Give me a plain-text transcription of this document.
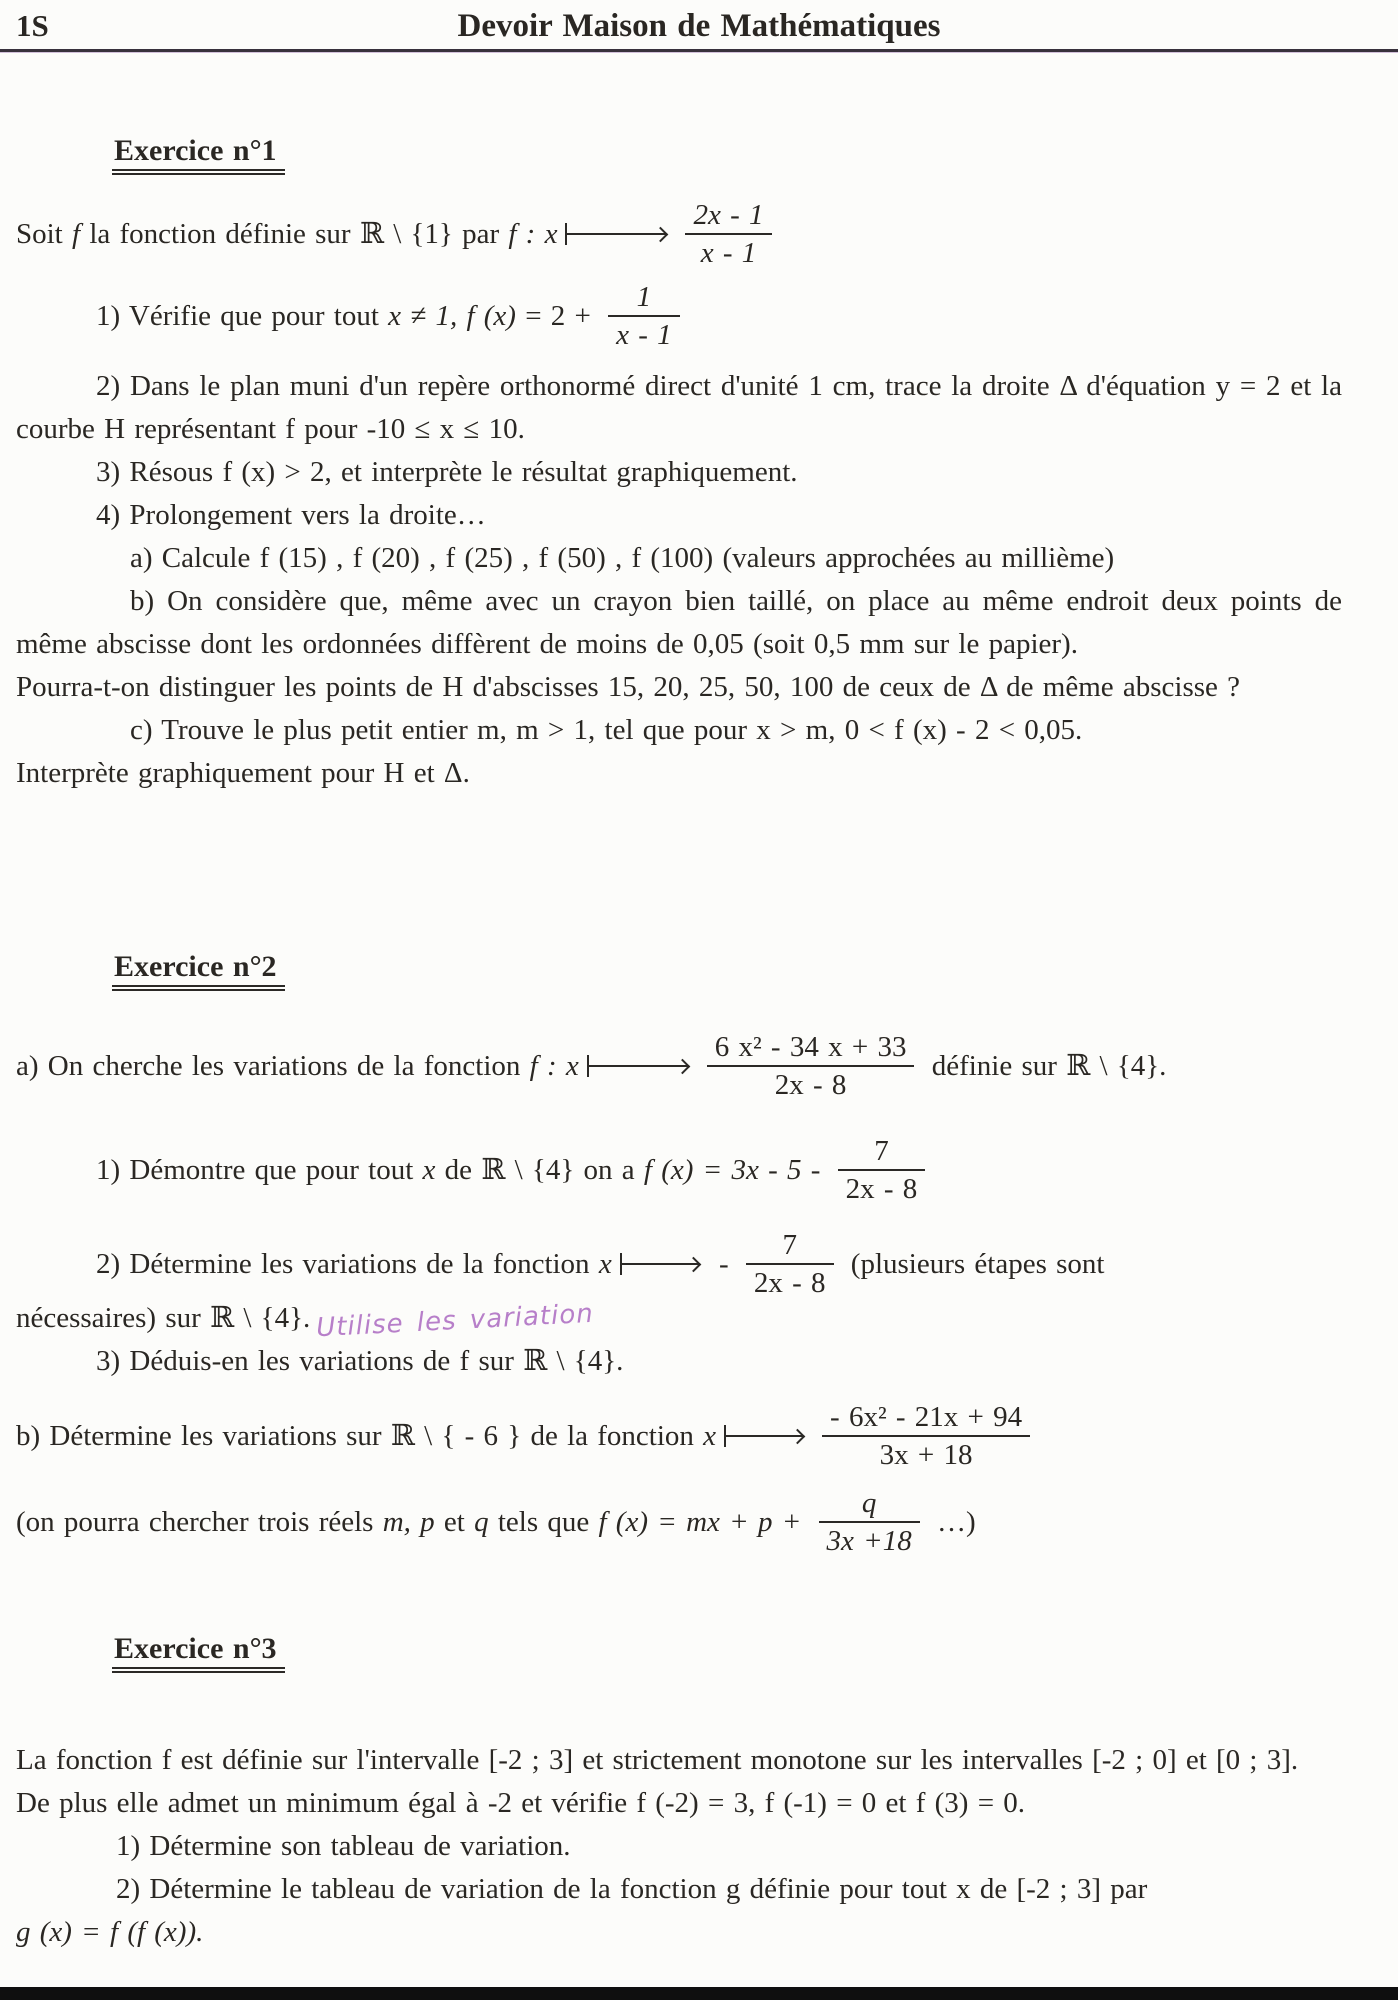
1S	Devoir Maison de Mathématiques
Exercice n°1

Soit f la fonction définie sur ℝ \ {1} par f : x	$\frac{2x - 1}{x - 1}$

1) Vérifie que pour tout x ≠ 1, f $(x) = 2 + \frac{1}{x - 1}$

2) Dans le plan muni d'un repère orthonormé direct d'unité 1 cm, trace la droite Δ d'équation y = 2 et la courbe H représentant f pour -10 ≤ x ≤ 10.

3) Résous f (x) > 2, et interprète le résultat graphiquement.

4) Prolongement vers la droite…

a) Calcule f (15) , f (20) , f (25) , f (50) , f (100) (valeurs approchées au millième)

b) On considère que, même avec un crayon bien taillé, on place au même endroit deux points de même abscisse dont les ordonnées diffèrent de moins de 0,05 (soit 0,5 mm sur le papier).

Pourra-t-on distinguer les points de H d'abscisses 15, 20, 25, 50, 100 de ceux de Δ de même abscisse ?

c) Trouve le plus petit entier m, m > 1, tel que pour x > m, 0 < f (x) - 2 < 0,05.

Interprète graphiquement pour H et Δ.

Exercice n°2

a) On cherche les variations de la fonction f : x	$\frac{\text{6 x² - 34 x + 33}}{2x - 8}$ définie sur ℝ \ {4}.

1) Démontre que pour tout x de ℝ \ {4} on a f $(x) = 3x - 5 - \frac{7}{2x - 8}$

2) Détermine les variations de la fonction x	- $\frac{7}{2x - 8}$ (plusieurs étapes sont

nécessaires) sur ℝ \ {4}. Utilise les variation

3) Déduis-en les variations de f sur ℝ \ {4}.

b) Détermine les variations sur ℝ \ { - 6 } de la fonction x	$\frac{\text{- 6x² - 21x + 94}}{3x + 18}$

(on pourra chercher trois réels m, p et q tels que f (x) = mx + $p + \frac{q}{3x +18}$ …)

Exercice n°3

La fonction f est définie sur l'intervalle [-2 ; 3] et strictement monotone sur les intervalles [-2 ; 0] et [0 ; 3].

De plus elle admet un minimum égal à -2 et vérifie f (-2) = 3, f (-1) = 0 et f (3) = 0.

1) Détermine son tableau de variation.

2) Détermine le tableau de variation de la fonction g définie pour tout x de [-2 ; 3] par

g (x) = f (f (x)).
